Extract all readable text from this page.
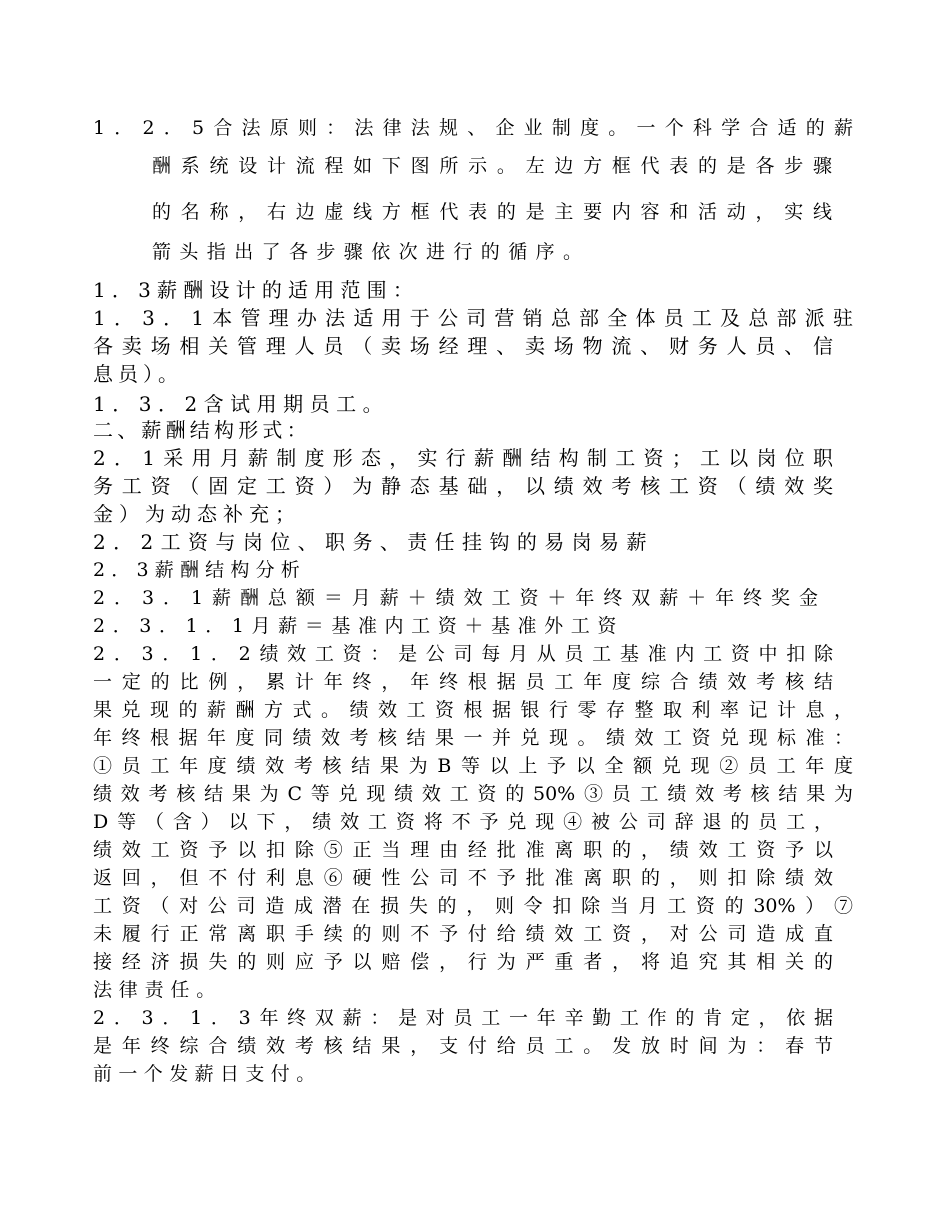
1．2．5合法原则：法律法规、企业制度。一个科学合适的薪
酬系统设计流程如下图所示。左边方框代表的是各步骤
的名称，右边虚线方框代表的是主要内容和活动，实线
箭头指出了各步骤依次进行的循序。
1．3薪酬设计的适用范围：
1．3．1本管理办法适用于公司营销总部全体员工及总部派驻
各卖场相关管理人员（卖场经理、卖场物流、财务人员、信
息员）。
1．3．2含试用期员工。
二、薪酬结构形式：
2．1采用月薪制度形态，实行薪酬结构制工资；工以岗位职
务工资（固定工资）为静态基础，以绩效考核工资（绩效奖
金）为动态补充；
2．2工资与岗位、职务、责任挂钩的易岗易薪
2．3薪酬结构分析
2．3．1薪酬总额＝月薪＋绩效工资＋年终双薪＋年终奖金
2．3．1．1月薪＝基准内工资＋基准外工资
2．3．1．2绩效工资：是公司每月从员工基准内工资中扣除
一定的比例，累计年终，年终根据员工年度综合绩效考核结
果兑现的薪酬方式。绩效工资根据银行零存整取利率记计息，
年终根据年度同绩效考核结果一并兑现。绩效工资兑现标准：
①员工年度绩效考核结果为B等以上予以全额兑现②员工年度
绩效考核结果为C等兑现绩效工资的50%③员工绩效考核结果为
D等（含）以下，绩效工资将不予兑现④被公司辞退的员工，
绩效工资予以扣除⑤正当理由经批准离职的，绩效工资予以
返回，但不付利息⑥硬性公司不予批准离职的，则扣除绩效
工资（对公司造成潜在损失的，则令扣除当月工资的30%）⑦
未履行正常离职手续的则不予付给绩效工资，对公司造成直
接经济损失的则应予以赔偿，行为严重者，将追究其相关的
法律责任。
2．3．1．3年终双薪：是对员工一年辛勤工作的肯定，依据
是年终综合绩效考核结果，支付给员工。发放时间为：春节
前一个发薪日支付。
